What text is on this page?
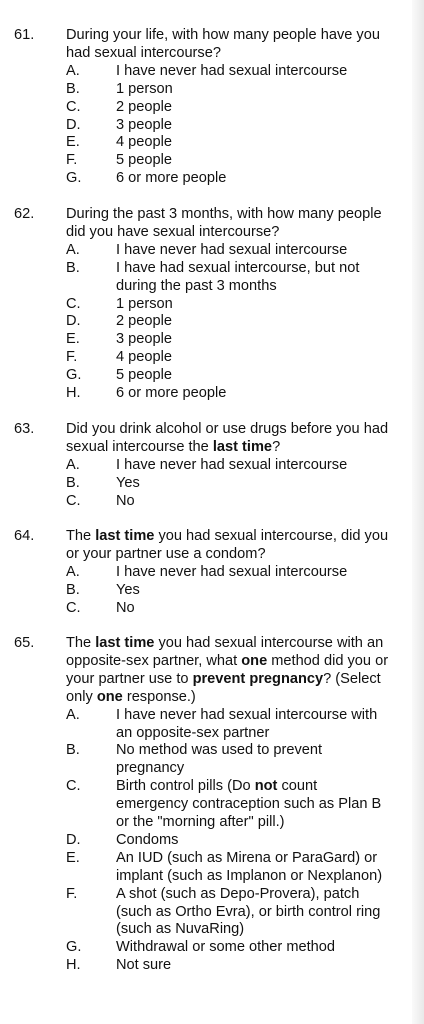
61. During your life, with how many people have you had sexual intercourse?
A. I have never had sexual intercourse
B. 1 person
C. 2 people
D. 3 people
E. 4 people
F.	5 people
G. 6 or more people
62. During the past 3 months, with how many people did you have sexual intercourse?
A. I have never had sexual intercourse
B. I have had sexual intercourse, but not during the past 3 months
C. 1 person
D. 2 people
E. 3 people
F.	4 people
G. 5 people
H. 6 or more people
63. Did you drink alcohol or use drugs before you had sexual intercourse the last time?
A. I have never had sexual intercourse
B. Yes
C. No
64. The last time you had sexual intercourse, did you or your partner use a condom?
A. I have never had sexual intercourse
B. Yes
C. No
65. The last time you had sexual intercourse with an opposite-sex partner, what one method did you or your partner use to prevent pregnancy? (Select only one response.)
A. I have never had sexual intercourse with an opposite-sex partner
B. No method was used to prevent pregnancy
C. Birth control pills (Do not count emergency contraception such as Plan B or the "morning after" pill.)
D. Condoms
E. An IUD (such as Mirena or ParaGard) or implant (such as Implanon or Nexplanon)
F.	A shot (such as Depo-Provera), patch (such as Ortho Evra), or birth control ring (such as NuvaRing)
G. Withdrawal or some other method
H. Not sure
